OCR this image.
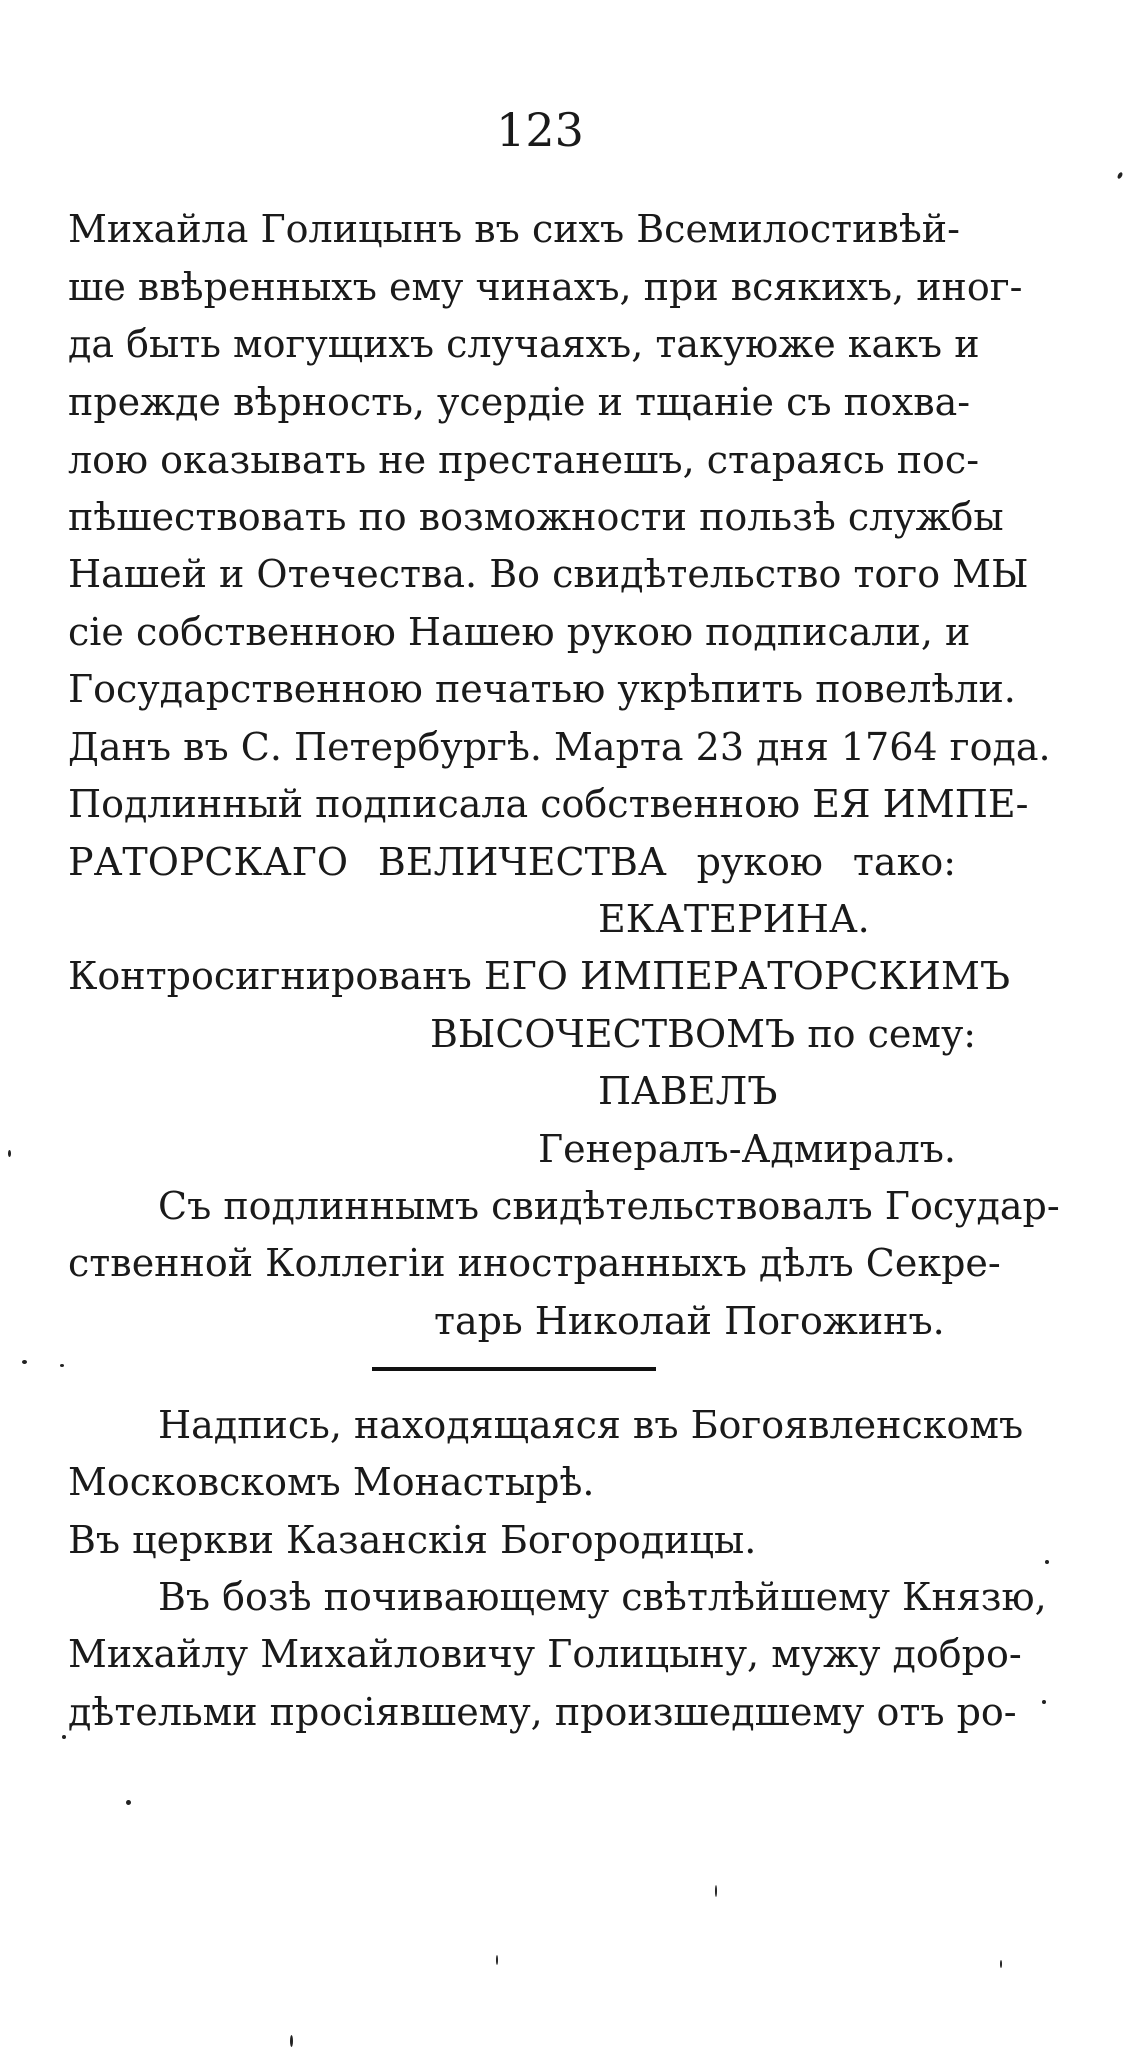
123
Михайла Голицынъ въ сихъ Всемилостивѣй-
ше ввѣренныхъ ему чинахъ, при всякихъ, иног-
да быть могущихъ случаяхъ, такуюже какъ и
прежде вѣрность, усердіе и тщаніе съ похва-
лою оказывать не престанешъ, стараясь пос-
пѣшествовать по возможности пользѣ службы
Нашей и Отечества. Во свидѣтельство того МЫ
сіе собственною Нашею рукою подписали, и
Государственною печатью укрѣпить повелѣли.
Данъ въ С. Петербургѣ. Марта 23 дня 1764 года.
Подлинный подписала собственною ЕЯ ИМПЕ-
РАТОРСКАГО ВЕЛИЧЕСТВА рукою тако:
ЕКАТЕРИНА.
Контросигнированъ ЕГО ИМПЕРАТОРСКИМЪ
ВЫСОЧЕСТВОМЪ по сему:
ПАВЕЛЪ
Генералъ-Адмиралъ.
Съ подлиннымъ свидѣтельствовалъ Государ-
ственной Коллегіи иностранныхъ дѣлъ Секре-
тарь Николай Погожинъ.
Надпись, находящаяся въ Богоявленскомъ
Московскомъ Монастырѣ.
Въ церкви Казанскія Богородицы.
Въ бозѣ почивающему свѣтлѣйшему Князю,
Михайлу Михайловичу Голицыну, мужу добро-
дѣтельми просіявшему, произшедшему отъ ро-
